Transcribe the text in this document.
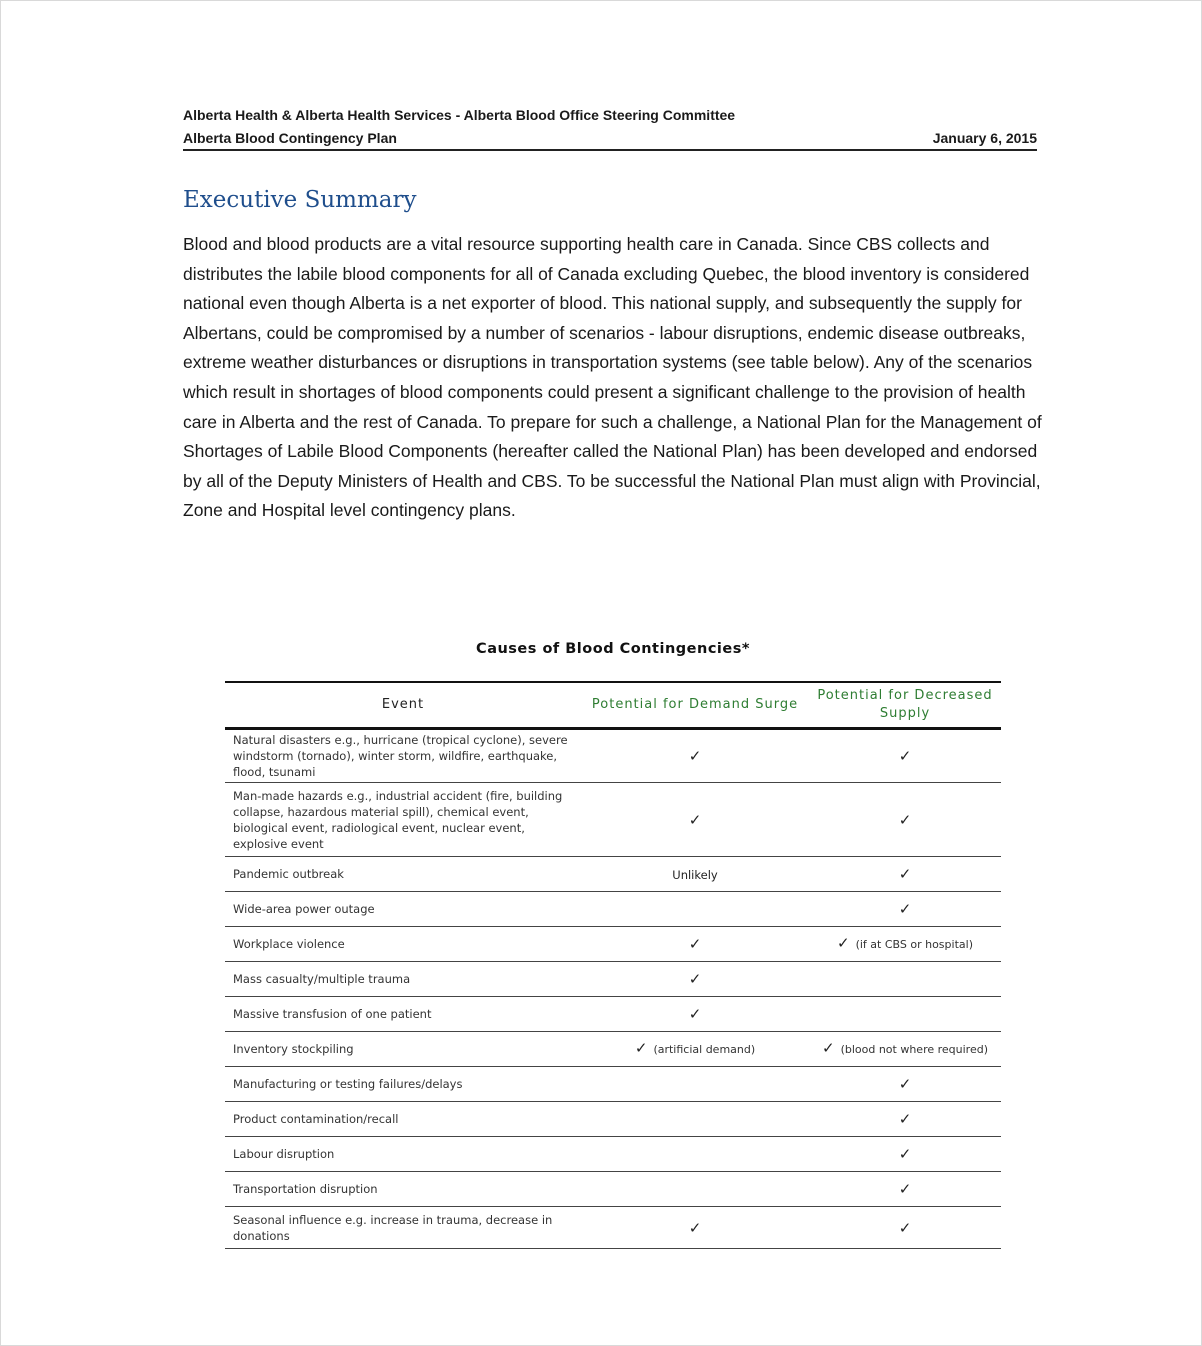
Alberta Health & Alberta Health Services - Alberta Blood Office Steering Committee
Alberta Blood Contingency Plan	January 6, 2015
Executive Summary

Blood and blood products are a vital resource supporting health care in Canada. Since CBS collects and distributes the labile blood components for all of Canada excluding Quebec, the blood inventory is considered national even though Alberta is a net exporter of blood. This national supply, and subsequently the supply for Albertans, could be compromised by a number of scenarios - labour disruptions, endemic disease outbreaks, extreme weather disturbances or disruptions in transportation systems (see table below). Any of the scenarios which result in shortages of blood components could present a significant challenge to the provision of health care in Alberta and the rest of Canada. To prepare for such a challenge, a National Plan for the Management of Shortages of Labile Blood Components (hereafter called the National Plan) has been developed and endorsed by all of the Deputy Ministers of Health and CBS. To be successful the National Plan must align with Provincial, Zone and Hospital level contingency plans.

Causes of Blood Contingencies*
Event	Potential for Demand Surge	Potential for Decreased Supply
Natural disasters e.g., hurricane (tropical cyclone), severe windstorm (tornado), winter storm, wildfire, earthquake, flood, tsunami	✓	✓
Man-made hazards e.g., industrial accident (fire, building collapse, hazardous material spill), chemical event, biological event, radiological event, nuclear event, explosive event	✓	✓
Pandemic outbreak	Unlikely	✓
Wide-area power outage		✓
Workplace violence	✓	✓ (if at CBS or hospital)
Mass casualty/multiple trauma	✓	
Massive transfusion of one patient	✓	
Inventory stockpiling	✓ (artificial demand)	✓ (blood not where required)
Manufacturing or testing failures/delays		✓
Product contamination/recall		✓
Labour disruption		✓
Transportation disruption		✓
Seasonal influence e.g. increase in trauma, decrease in donations	✓	✓
